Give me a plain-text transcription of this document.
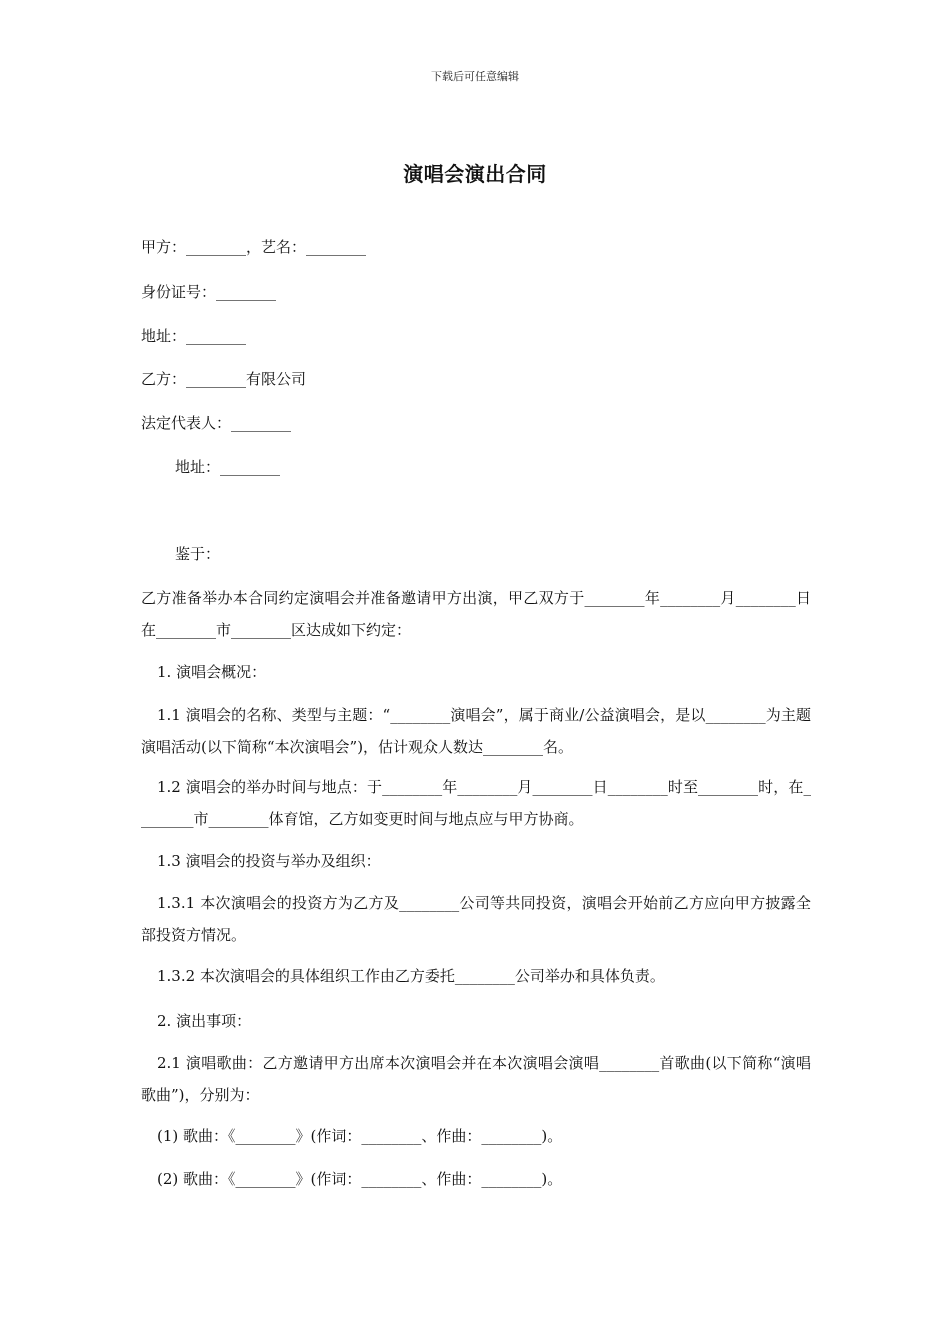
下载后可任意编辑
演唱会演出合同
甲方：________，艺名：________
身份证号：________
地址：________
乙方：________有限公司
法定代表人：________
地址：________
鉴于：
乙方准备举办本合同约定演唱会并准备邀请甲方出演，甲乙双方于________年________月________日在________市________区达成如下约定：
1. 演唱会概况：
1.1 演唱会的名称、类型与主题：“________演唱会”，属于商业/公益演唱会，是以________为主题演唱活动(以下简称“本次演唱会”)，估计观众人数达________名。
1.2 演唱会的举办时间与地点：于________年________月________日________时至________时，在________市________体育馆，乙方如变更时间与地点应与甲方协商。
1.3 演唱会的投资与举办及组织：
1.3.1 本次演唱会的投资方为乙方及________公司等共同投资，演唱会开始前乙方应向甲方披露全部投资方情况。
1.3.2 本次演唱会的具体组织工作由乙方委托________公司举办和具体负责。
2. 演出事项：
2.1 演唱歌曲：乙方邀请甲方出席本次演唱会并在本次演唱会演唱________首歌曲(以下简称“演唱歌曲”)，分别为：
(1) 歌曲：《________》(作词：________、作曲：________)。
(2) 歌曲：《________》(作词：________、作曲：________)。
